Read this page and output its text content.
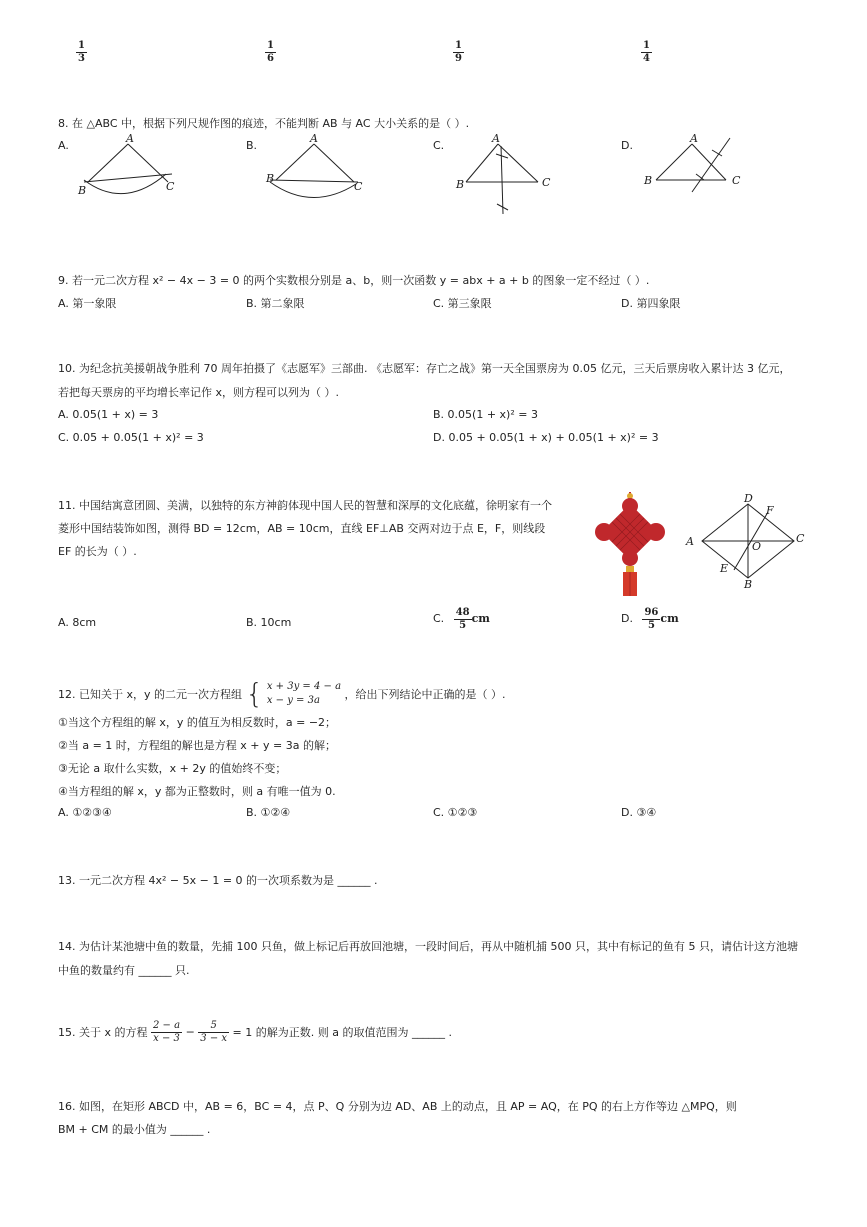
$\frac{1}{3}$	$\frac{1}{6}$	$\frac{1}{9}$	$\frac{1}{4}$
8. 在 △ABC 中，根据下列尺规作图的痕迹，不能判断 AB 与 AC 大小关系的是（ ）.
A.	B.	C.	D.
A
B	C
A
B
C
A
B	C
A
B	C
9. 若一元二次方程 x² − 4x − 3 = 0 的两个实数根分别是 a、b，则一次函数 y = abx + a + b 的图象一定不经过（ ）.
A. 第一象限	B. 第二象限	C. 第三象限	D. 第四象限
10. 为纪念抗美援朝战争胜利 70 周年拍摄了《志愿军》三部曲. 《志愿军：存亡之战》第一天全国票房为 0.05 亿元，三天后票房收入累计达 3 亿元，
若把每天票房的平均增长率记作 x，则方程可以列为（ ）.
A. 0.05(1 + x) = 3	B. 0.05(1 + x)² = 3
C. 0.05 + 0.05(1 + x)² = 3	D. 0.05 + 0.05(1 + x) + 0.05(1 + x)² = 3
11. 中国结寓意团圆、美满，以独特的东方神韵体现中国人民的智慧和深厚的文化底蕴，徐明家有一个
菱形中国结装饰如图，测得 BD = 12cm，AB = 10cm，直线 EF⊥AB 交两对边于点 E，F，则线段
EF 的长为（ ）.
D
F
A	O
C
E
B
A. 8cm	B. 10cm	C. $\frac{48}{5}$ cm	D. $\frac{96}{5}$ cm
12. 已知关于 x，y 的二元一次方程组 { x + 3y = 4 − a
x − y = 3a	，给出下列结论中正确的是（ ）.
①当这个方程组的解 x，y 的值互为相反数时，a = −2；
②当 a = 1 时，方程组的解也是方程 x + y = 3a 的解；
③无论 a 取什么实数，x + 2y 的值始终不变；
④当方程组的解 x，y 都为正整数时，则 a 有唯一值为 0.
A. ①②③④	B. ①②④	C. ①②③	D. ③④
13. 一元二次方程 4x² − 5x − 1 = 0 的一次项系数为是 ______ .
14. 为估计某池塘中鱼的数量，先捕 100 只鱼，做上标记后再放回池塘，一段时间后，再从中随机捕 500 只，其中有标记的鱼有 5 只，请估计这方池塘
中鱼的数量约有 ______ 只.
15. 关于 x 的方程 $\frac{2 - a}{x - 3} - \frac{5}{3 - x} = 1$ 的解为正数. 则 a 的取值范围为 ______ .
16. 如图，在矩形 ABCD 中，AB = 6，BC = 4，点 P、Q 分别为边 AD、AB 上的动点，且 AP = AQ，在 PQ 的右上方作等边 △MPQ，则
BM + CM 的最小值为 ______ .
